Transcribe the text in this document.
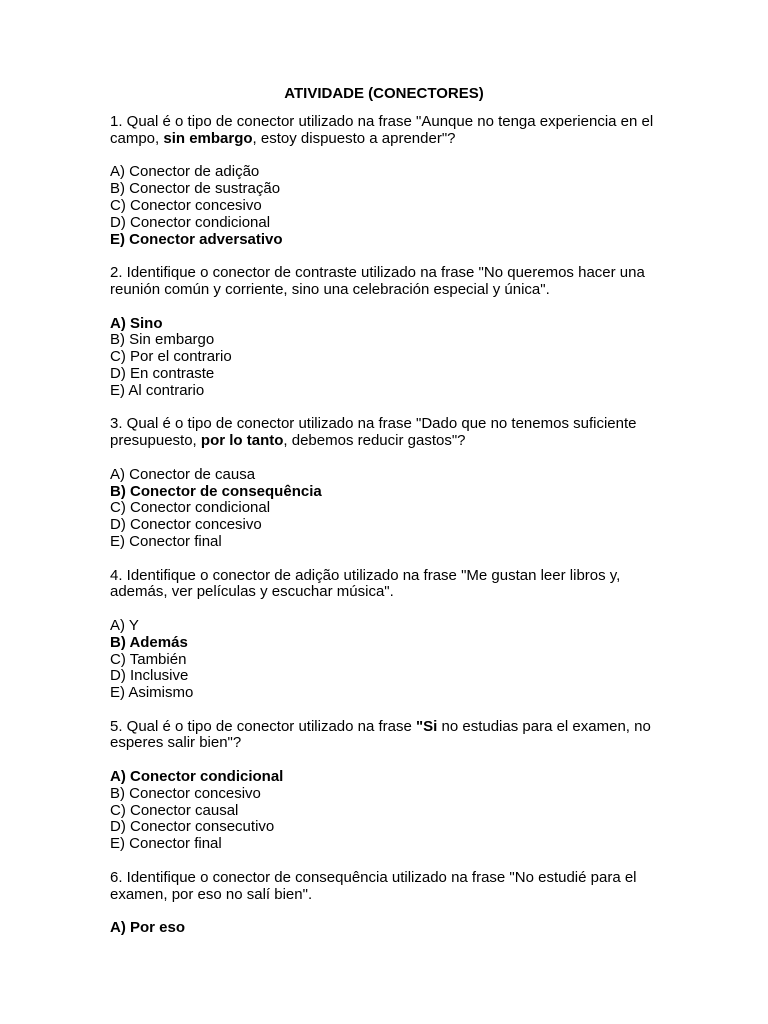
ATIVIDADE (CONECTORES)

1. Qual é o tipo de conector utilizado na frase "Aunque no tenga experiencia en el campo, sin embargo, estoy dispuesto a aprender"?

A) Conector de adição
B) Conector de sustração
C) Conector concesivo
D) Conector condicional
E) Conector adversativo

2. Identifique o conector de contraste utilizado na frase "No queremos hacer una reunión común y corriente, sino una celebración especial y única".

A) Sino
B) Sin embargo
C) Por el contrario
D) En contraste
E) Al contrario

3. Qual é o tipo de conector utilizado na frase "Dado que no tenemos suficiente presupuesto, por lo tanto, debemos reducir gastos"?

A) Conector de causa
B) Conector de consequência
C) Conector condicional
D) Conector concesivo
E) Conector final

4. Identifique o conector de adição utilizado na frase "Me gustan leer libros y, además, ver películas y escuchar música".

A) Y
B) Además
C) También
D) Inclusive
E) Asimismo

5. Qual é o tipo de conector utilizado na frase "Si no estudias para el examen, no esperes salir bien"?

A) Conector condicional
B) Conector concesivo
C) Conector causal
D) Conector consecutivo
E) Conector final

6. Identifique o conector de consequência utilizado na frase "No estudié para el examen, por eso no salí bien".

A) Por eso
